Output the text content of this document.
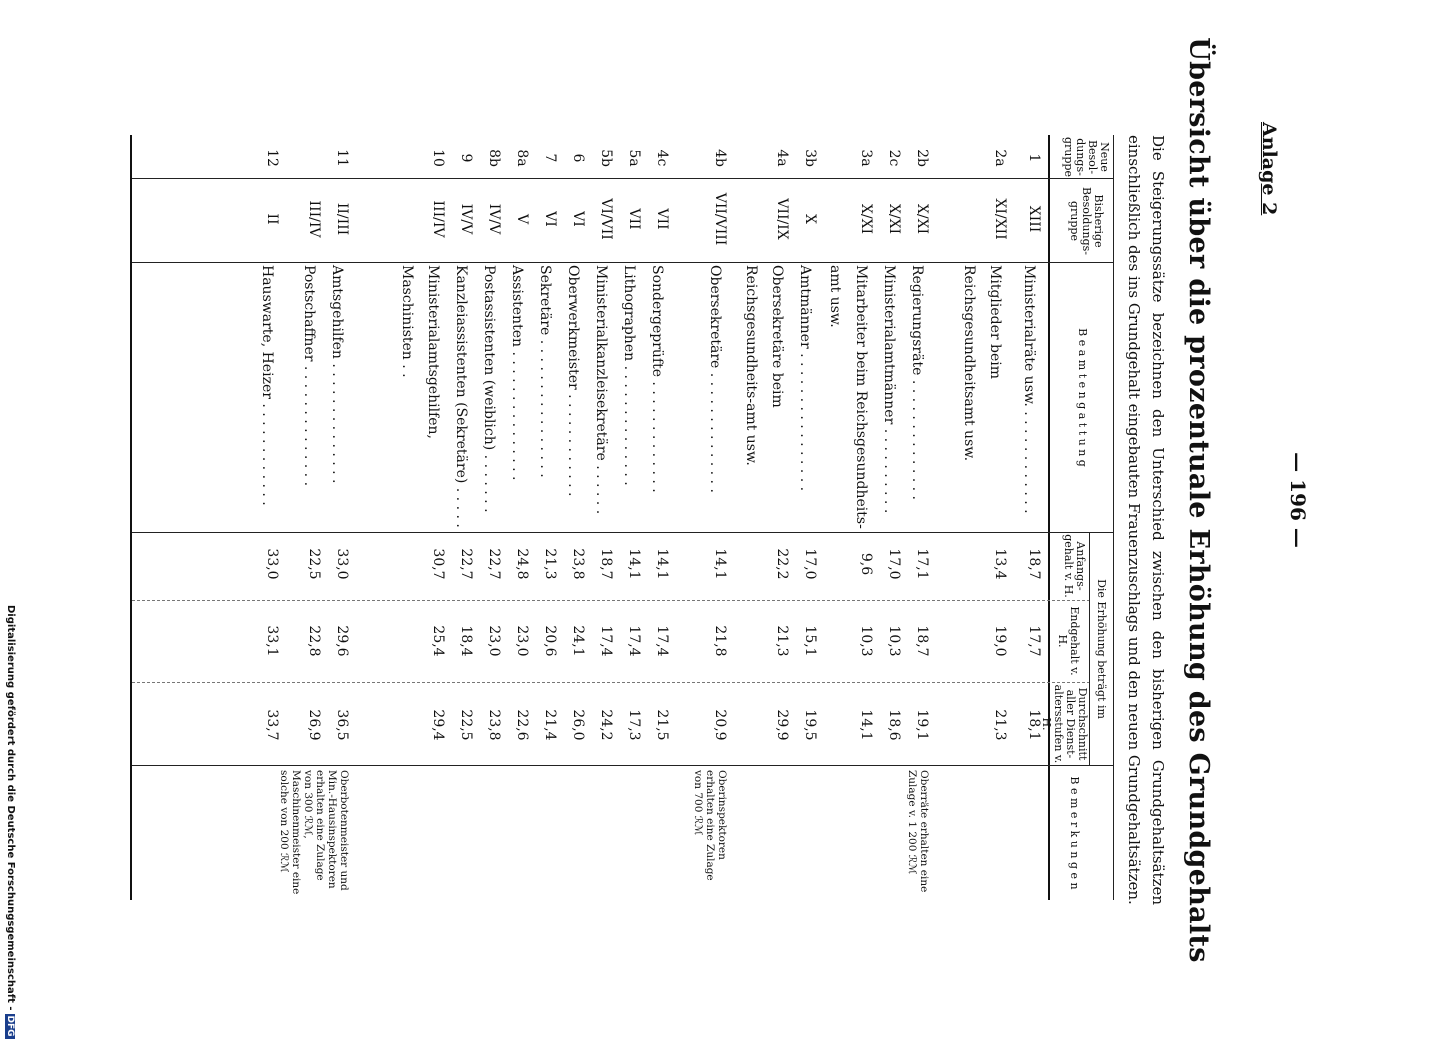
— 196 —
Anlage 2
Übersicht über die prozentuale Erhöhung des Grundgehalts
Die Steigerungssätze bezeichnen den Unterschied zwischen den bisherigen Grundgehaltsätzen einschließlich des ins Grundgehalt eingebauten Frauenzuschlags und den neuen Grundgehaltsätzen.
Neue Besol-dungs-gruppe
Bisherige Besoldungs-gruppe
B e a m t e n g a t t u n g
Die Erhöhung beträgt im
Anfangs-gehalt v. H.
Endgehalt v. H.
Durchschnitt aller Dienst-altersstufen v. H.
B e m e r k u n g e n
1
XIII
Ministerialräte usw. . . . . . . . . . . . .
18,7
17,7
18,1
2a
XI/XII
Mitglieder beim Reichsgesundheitsamt usw.
13,4
19,0
21,3
2b
X/XI
Regierungsräte . . . . . . . . . . . . . .
17,1
18,7
19,1
Oberräte erhalten eine Zulage v. 1 200 ℛℳ
2c
X/XI
Ministerialamtmänner . . . . . . . . . .
17,0
10,3
18,6
3a
X/XI
Mitarbeiter beim Reichsgesundheits-amt usw.
9,6
10,3
14,1
3b
X
Amtmänner . . . . . . . . . . . . . . . .
17,0
15,1
19,5
4a
VII/IX
Obersekretäre beim Reichsgesundheits-amt usw.
22,2
21,3
29,9
4b
VII/VIII
Obersekretäre . . . . . . . . . . . . . .
14,1
21,8
20,9
Oberinspektoren erhalten eine Zulage von 700 ℛℳ
4c
VII
Sondergeprüfte . . . . . . . . . . . . .
14,1
17,4
21,5
5a
VII
Lithographen . . . . . . . . . . . . . .
14,1
17,4
17,3
5b
VI/VII
Ministerialkanzleisekretäre . . . . . .
18,7
17,4
24,2
6
VI
Oberwerkmeister . . . . . . . . . . . .
23,8
24,1
26,0
7
VI
Sekretäre . . . . . . . . . . . . . . . .
21,3
20,6
21,4
8a
V
Assistenten . . . . . . . . . . . . . . .
24,8
23,0
22,6
8b
IV/V
Postassistenten (weiblich) . . . . . . .
22,7
23,0
23,8
9
IV/V
Kanzleiassistenten (Sekretäre) . . . . .
22,7
18,4
22,5
10
III/IV
Ministerialamtsgehilfen, Maschinisten . .
30,7
25,4
29,4
11
II/III
Amtsgehilfen . . . . . . . . . . . . . .
33,0
29,6
36,5
Oberbotenmeister und Min.-Hausinspektoren erhalten eine Zulage von 300 ℛℳ, Maschinenmeister eine solche von 200 ℛℳ
III/IV
Postschaffner . . . . . . . . . . . . . .
22,5
22,8
26,9
12
II
Hauswarte, Heizer . . . . . . . . . . . .
33,0
33,1
33,7
Digitalisierung gefördert durch die Deutsche Forschungsgemeinschaft -DFG
